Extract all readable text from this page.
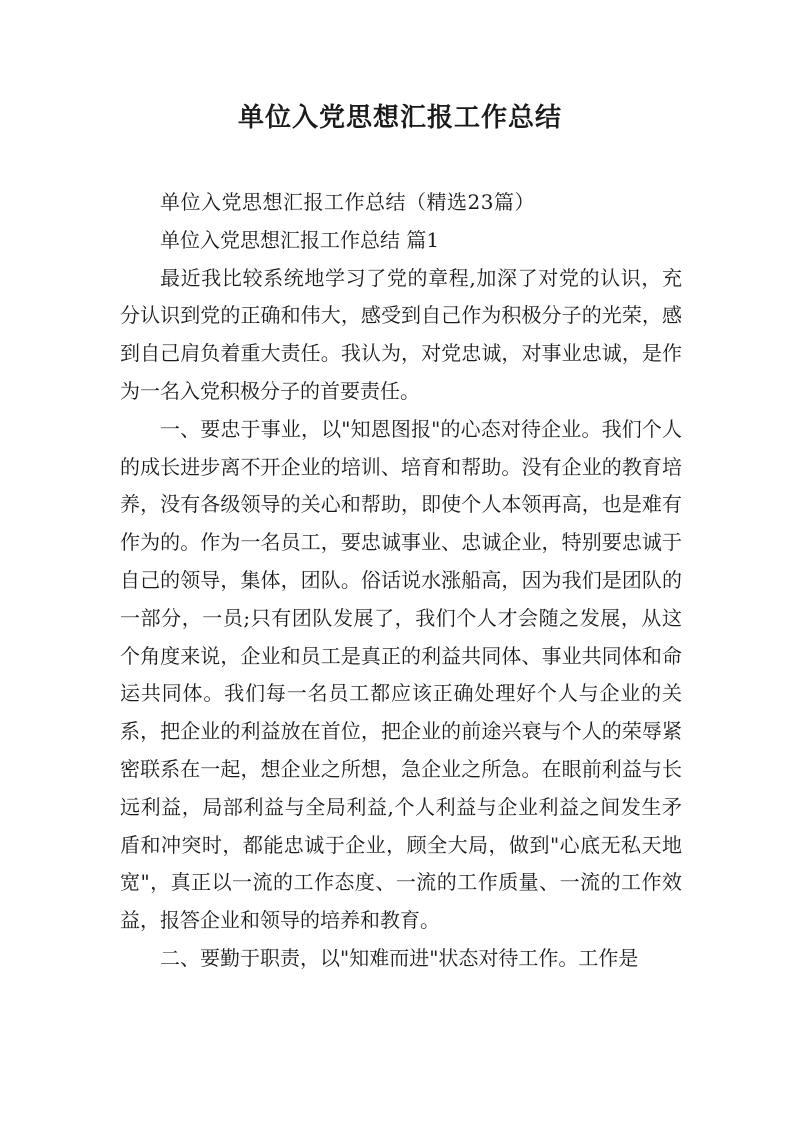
单位入党思想汇报工作总结

单位入党思想汇报工作总结（精选23篇）

单位入党思想汇报工作总结 篇1

最近我比较系统地学习了党的章程,加深了对党的认识，充分认识到党的正确和伟大，感受到自己作为积极分子的光荣，感到自己肩负着重大责任。我认为，对党忠诚，对事业忠诚，是作为一名入党积极分子的首要责任。

一、要忠于事业，以"知恩图报"的心态对待企业。我们个人的成长进步离不开企业的培训、培育和帮助。没有企业的教育培养，没有各级领导的关心和帮助，即使个人本领再高，也是难有作为的。作为一名员工，要忠诚事业、忠诚企业，特别要忠诚于自己的领导，集体，团队。俗话说水涨船高，因为我们是团队的一部分，一员;只有团队发展了，我们个人才会随之发展，从这个角度来说，企业和员工是真正的利益共同体、事业共同体和命运共同体。我们每一名员工都应该正确处理好个人与企业的关系，把企业的利益放在首位，把企业的前途兴衰与个人的荣辱紧密联系在一起，想企业之所想，急企业之所急。在眼前利益与长远利益，局部利益与全局利益,个人利益与企业利益之间发生矛盾和冲突时，都能忠诚于企业，顾全大局，做到"心底无私天地宽"，真正以一流的工作态度、一流的工作质量、一流的工作效益，报答企业和领导的培养和教育。

二、要勤于职责，以"知难而进"状态对待工作。工作是
